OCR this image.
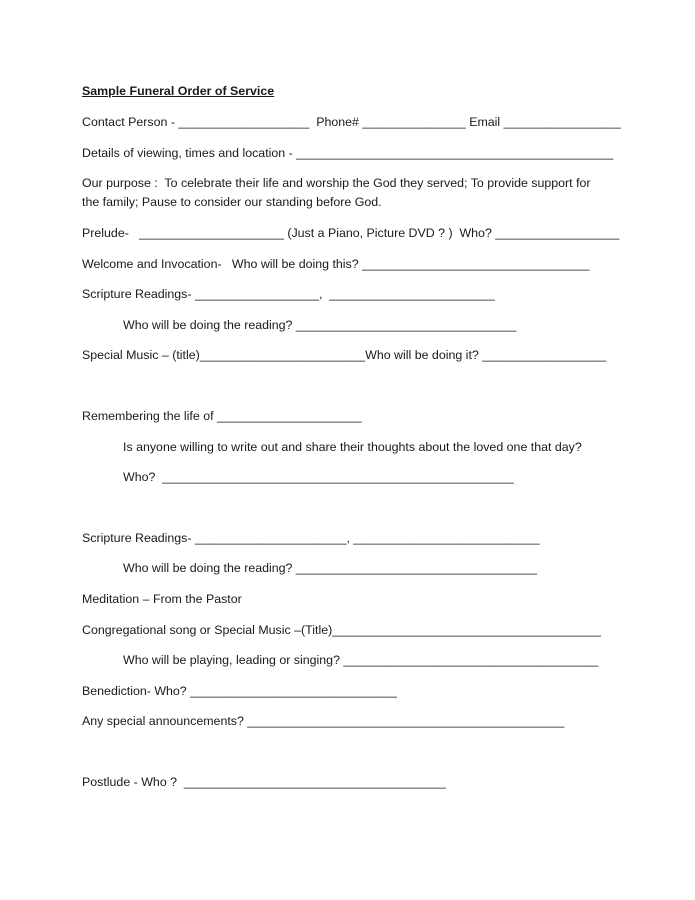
Sample Funeral Order of Service
Contact Person - ___________________  Phone# _______________ Email _________________
Details of viewing, times and location - ______________________________________________
Our purpose :  To celebrate their life and worship the God they served; To provide support for
the family; Pause to consider our standing before God.
Prelude-   _____________________ (Just a Piano, Picture DVD ? )  Who? __________________
Welcome and Invocation-   Who will be doing this? _________________________________
Scripture Readings- __________________,  ________________________
Who will be doing the reading? ________________________________
Special Music – (title)________________________Who will be doing it? __________________
Remembering the life of _____________________
Is anyone willing to write out and share their thoughts about the loved one that day?
Who?  ___________________________________________________
Scripture Readings- ______________________, ___________________________
Who will be doing the reading? ___________________________________
Meditation – From the Pastor
Congregational song or Special Music –(Title)_______________________________________
Who will be playing, leading or singing? _____________________________________
Benediction- Who? ______________________________
Any special announcements? ______________________________________________
Postlude - Who ?  ______________________________________
